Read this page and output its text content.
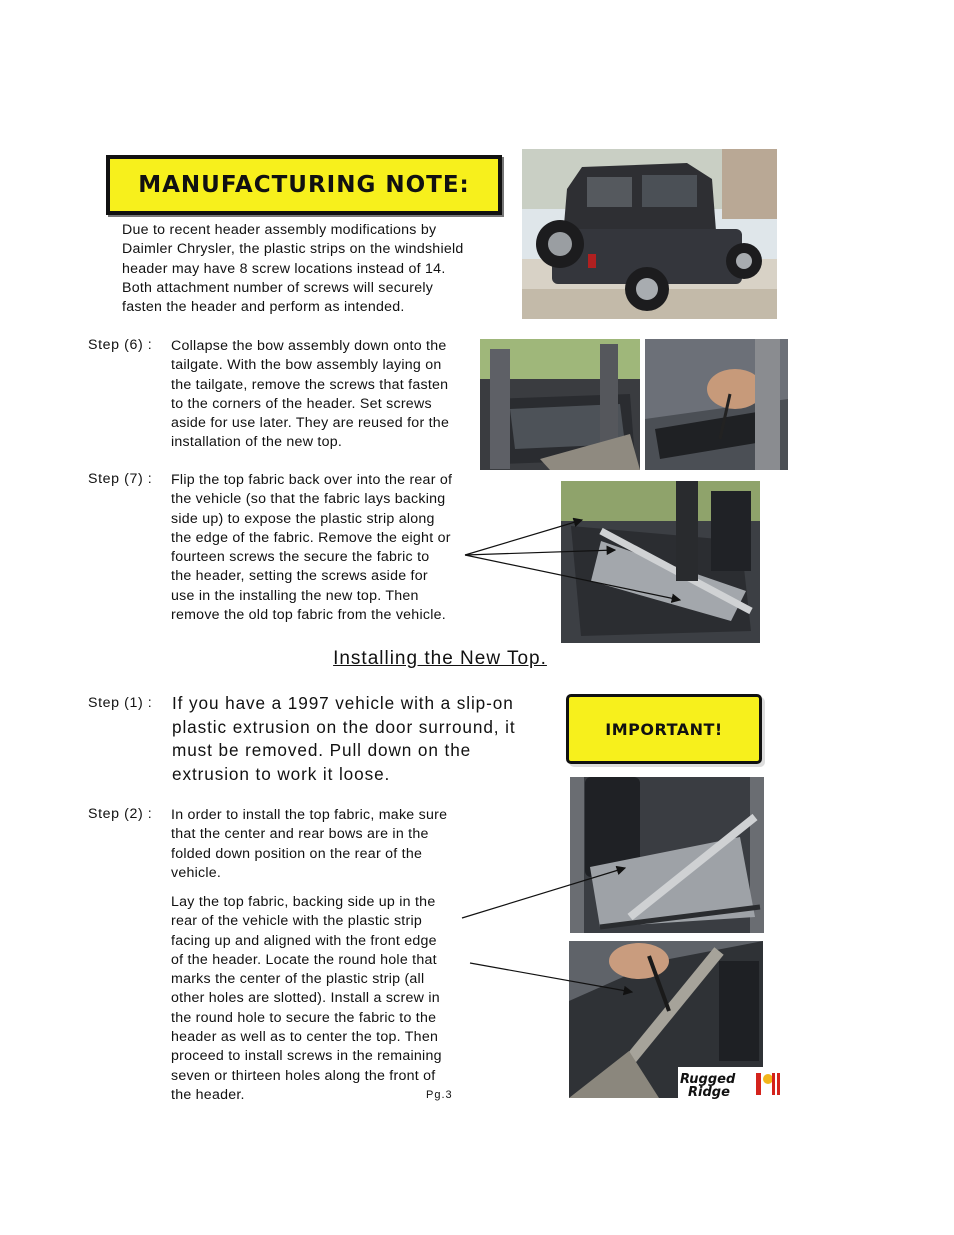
MANUFACTURING NOTE:
Due to recent header assembly modifications by
Daimler Chrysler, the plastic strips on the windshield
header may have 8 screw locations instead of 14.
Both attachment number of screws will securely
fasten the header and perform as intended.
Step (6) : Collapse the bow assembly down onto the
tailgate. With the bow assembly laying on
the tailgate, remove the screws that fasten
to the corners of the header. Set screws
aside for use later. They are reused for the
installation of the new top.
Step (7) : Flip the top fabric back over into the rear of
the vehicle (so that the fabric lays backing
side up) to expose the plastic strip along
the edge of the fabric. Remove the eight or
fourteen screws the secure the fabric to
the header, setting the screws aside for
use in the installing the new top. Then
remove the old top fabric from the vehicle.
Installing the New Top.
Step (1) : If you have a 1997 vehicle with a slip-on
plastic extrusion on the door surround, it
must be removed. Pull down on the
extrusion to work it loose.
IMPORTANT!
Step (2) : In order to install the top fabric, make sure
that the center and rear bows are in the
folded down position on the rear of the
vehicle.
Lay the top fabric, backing side up in the
rear of the vehicle with the plastic strip
facing up and aligned with the front edge
of the header. Locate the round hole that
marks the center of the plastic strip (all
other holes are slotted). Install a screw in
the round hole to secure the fabric to the
header as well as to center the top. Then
proceed to install screws in the remaining
seven or thirteen holes along the front of
the header.	Pg.3
Rugged
Ridge
